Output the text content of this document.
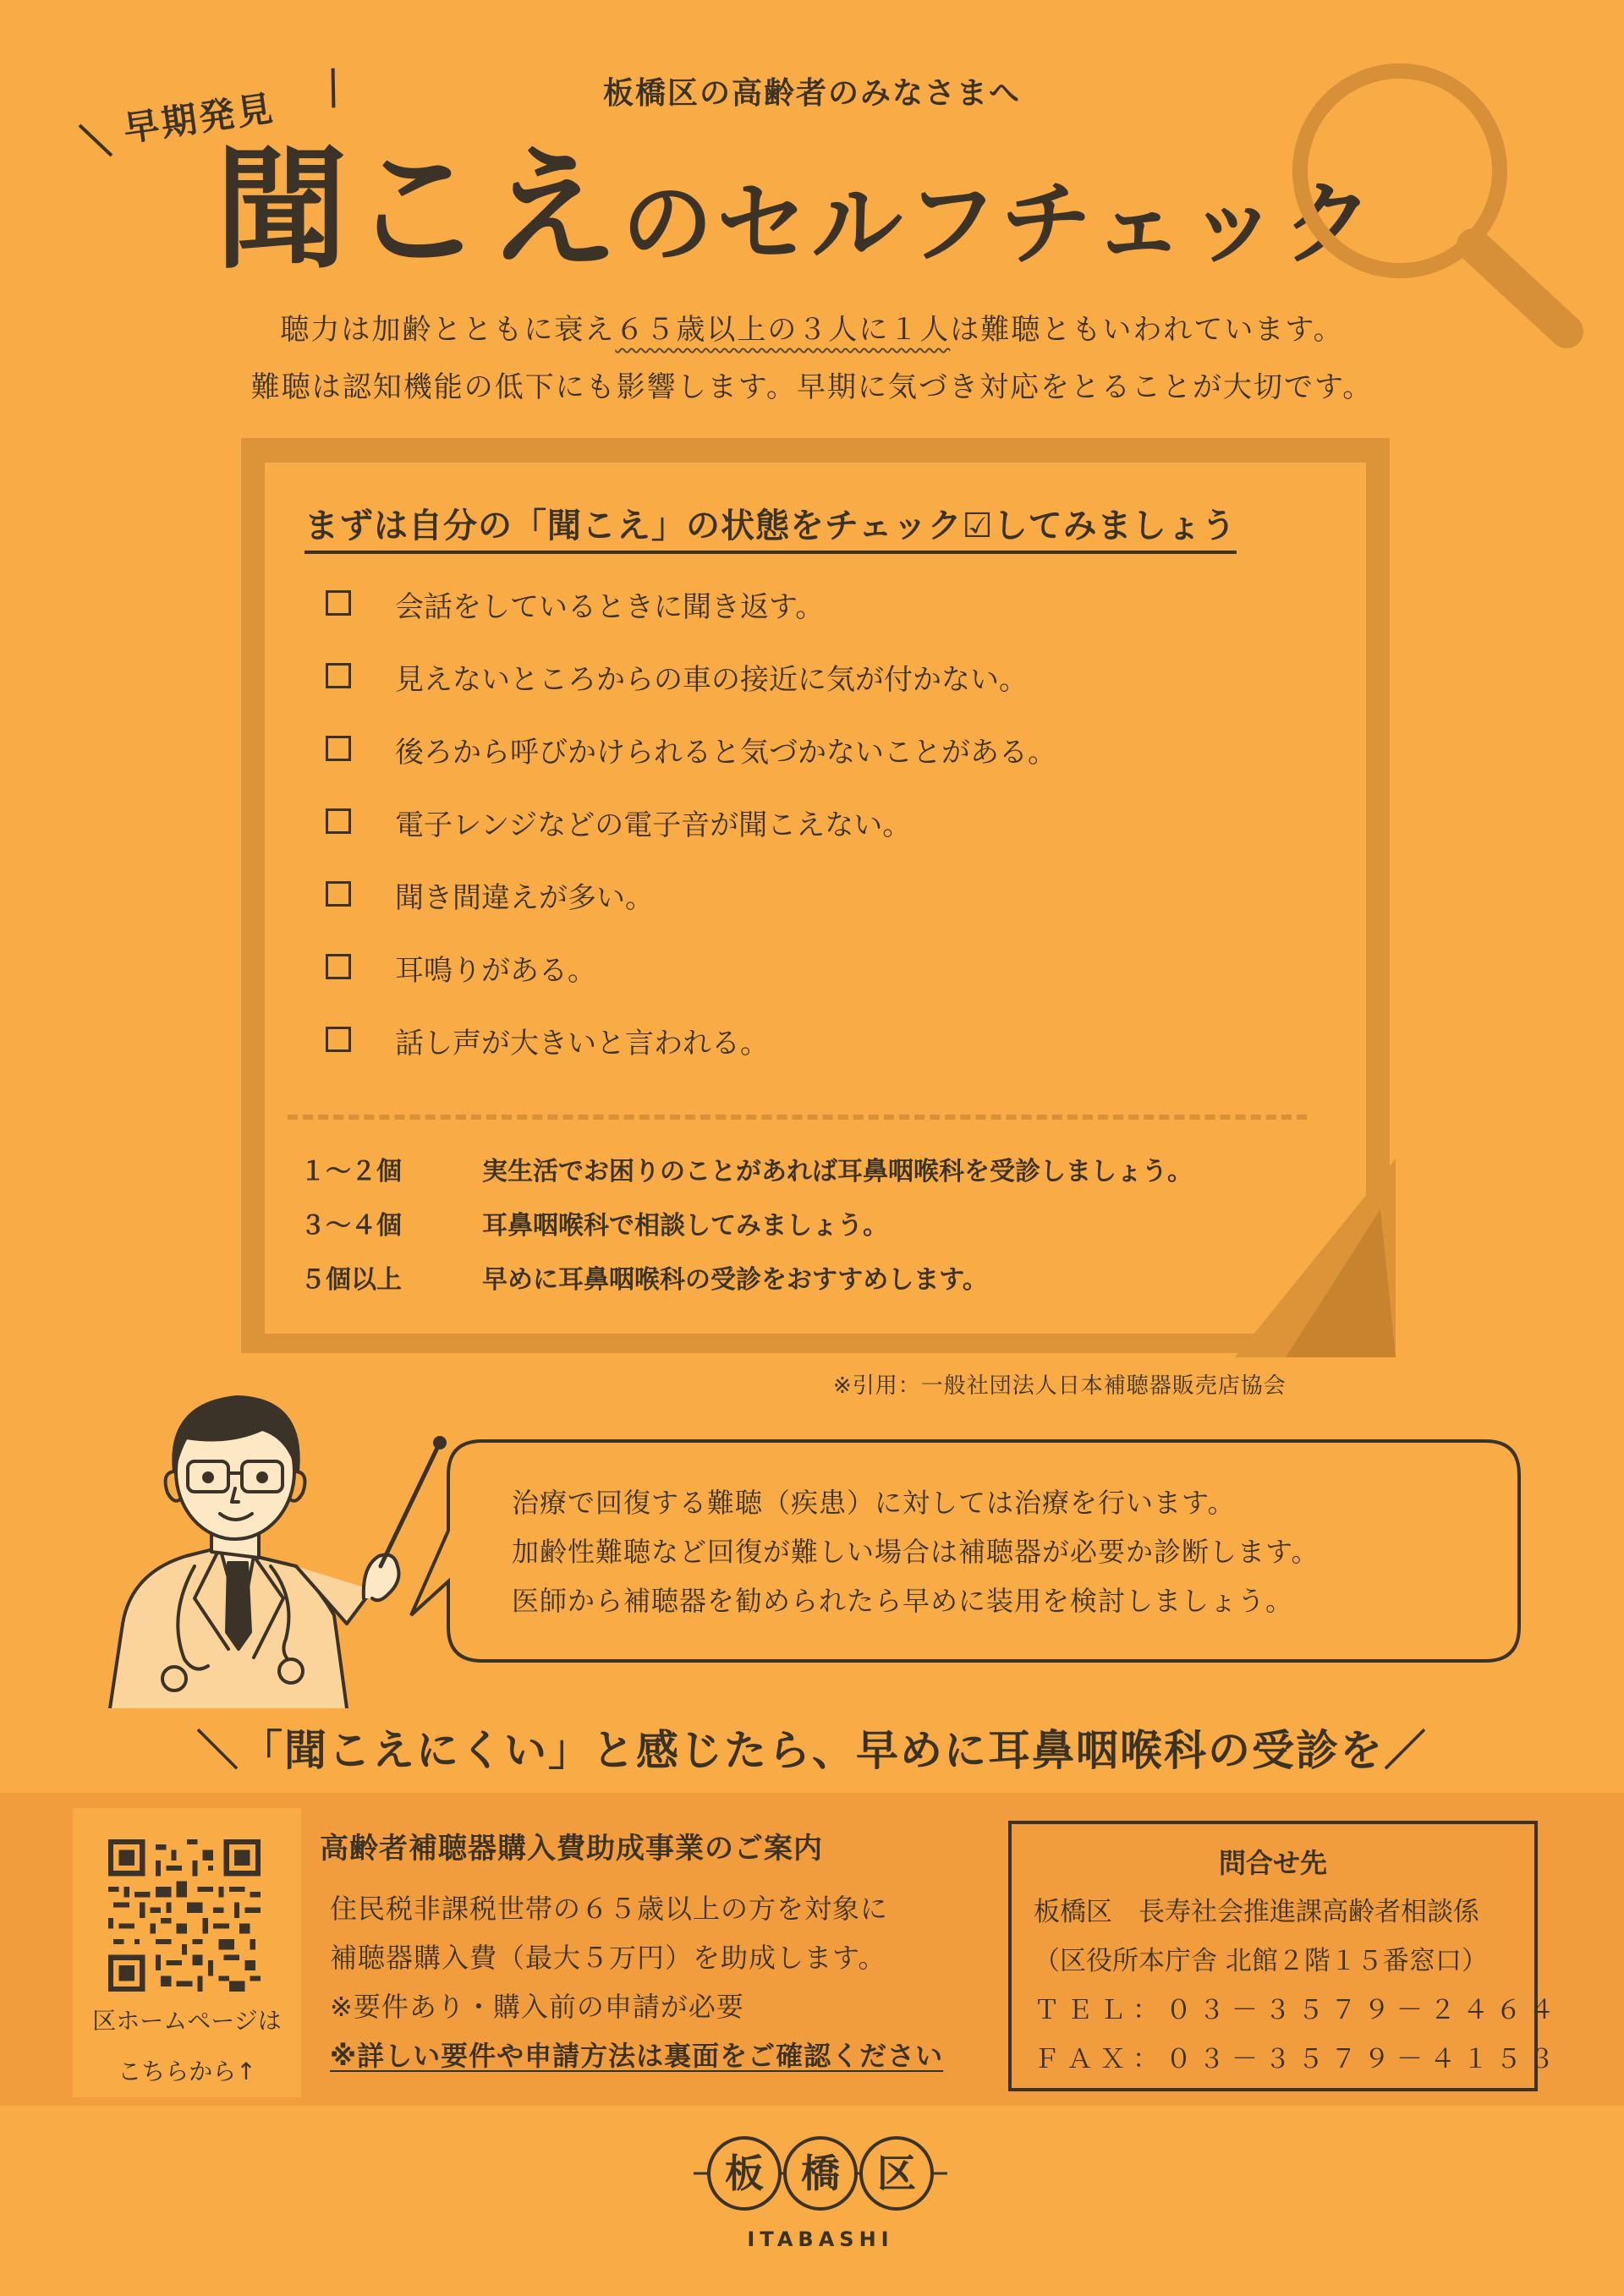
板橋区の高齢者のみなさまへ
早期発見
聞こえのセルフチェック
聴力は加齢とともに衰え６５歳以上の３人に１人は難聴ともいわれています。
難聴は認知機能の低下にも影響します。早期に気づき対応をとることが大切です。
まずは自分の「聞こえ」の状態をチェック☑してみましょう
会話をしているときに聞き返す。
見えないところからの車の接近に気が付かない。
後ろから呼びかけられると気づかないことがある。
電子レンジなどの電子音が聞こえない。
聞き間違えが多い。
耳鳴りがある。
話し声が大きいと言われる。
１～２個	実生活でお困りのことがあれば耳鼻咽喉科を受診しましょう。
３～４個	耳鼻咽喉科で相談してみましょう。
５個以上	早めに耳鼻咽喉科の受診をおすすめします。
※引用：一般社団法人日本補聴器販売店協会
治療で回復する難聴（疾患）に対しては治療を行います。
加齢性難聴など回復が難しい場合は補聴器が必要か診断します。
医師から補聴器を勧められたら早めに装用を検討しましょう。
＼「聞こえにくい」と感じたら、早めに耳鼻咽喉科の受診を／
区ホームページは
こちらから↑
高齢者補聴器購入費助成事業のご案内
住民税非課税世帯の６５歳以上の方を対象に
補聴器購入費（最大５万円）を助成します。
※要件あり・購入前の申請が必要
※詳しい要件や申請方法は裏面をご確認ください
問合せ先
板橋区　長寿社会推進課高齢者相談係
（区役所本庁舎 北館２階１５番窓口）
ＴＥＬ：０３－３５７９－２４６４
ＦＡＸ：０３－３５７９－４１５３
板 橋 区
ITABASHI
